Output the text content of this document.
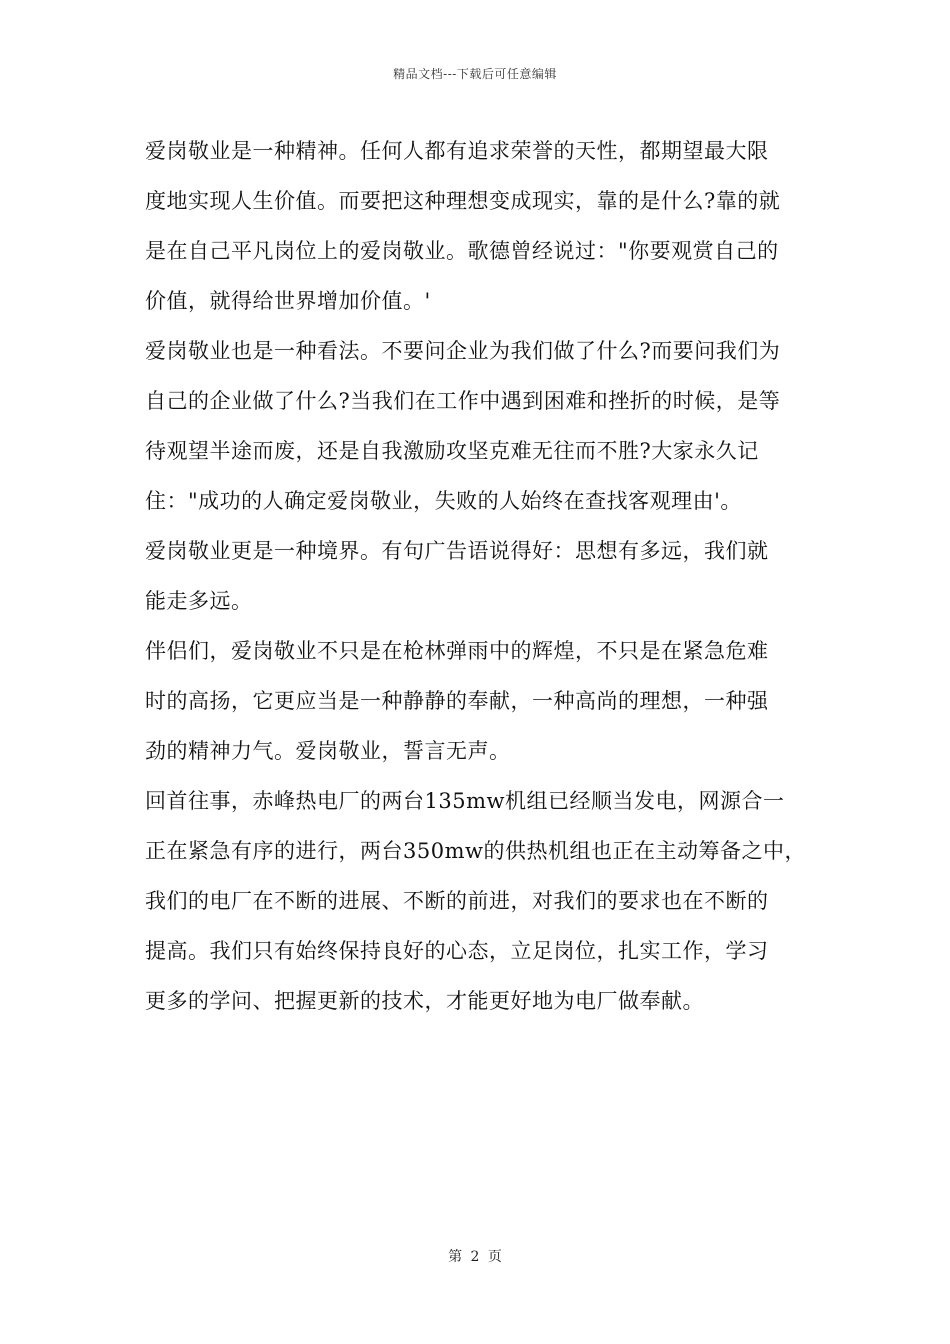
精品文档---下载后可任意编辑
爱岗敬业是一种精神。任何人都有追求荣誉的天性，都期望最大限
度地实现人生价值。而要把这种理想变成现实，靠的是什么?靠的就
是在自己平凡岗位上的爱岗敬业。歌德曾经说过："你要观赏自己的
价值，就得给世界增加价值。'
爱岗敬业也是一种看法。不要问企业为我们做了什么?而要问我们为
自己的企业做了什么?当我们在工作中遇到困难和挫折的时候，是等
待观望半途而废，还是自我激励攻坚克难无往而不胜?大家永久记
住："成功的人确定爱岗敬业，失败的人始终在查找客观理由'。
爱岗敬业更是一种境界。有句广告语说得好：思想有多远，我们就
能走多远。
伴侣们，爱岗敬业不只是在枪林弹雨中的辉煌，不只是在紧急危难
时的高扬，它更应当是一种静静的奉献，一种高尚的理想，一种强
劲的精神力气。爱岗敬业，誓言无声。
回首往事，赤峰热电厂的两台135mw机组已经顺当发电，网源合一
正在紧急有序的进行，两台350mw的供热机组也正在主动筹备之中，
我们的电厂在不断的进展、不断的前进，对我们的要求也在不断的
提高。我们只有始终保持良好的心态，立足岗位，扎实工作，学习
更多的学问、把握更新的技术，才能更好地为电厂做奉献。
第 2 页
